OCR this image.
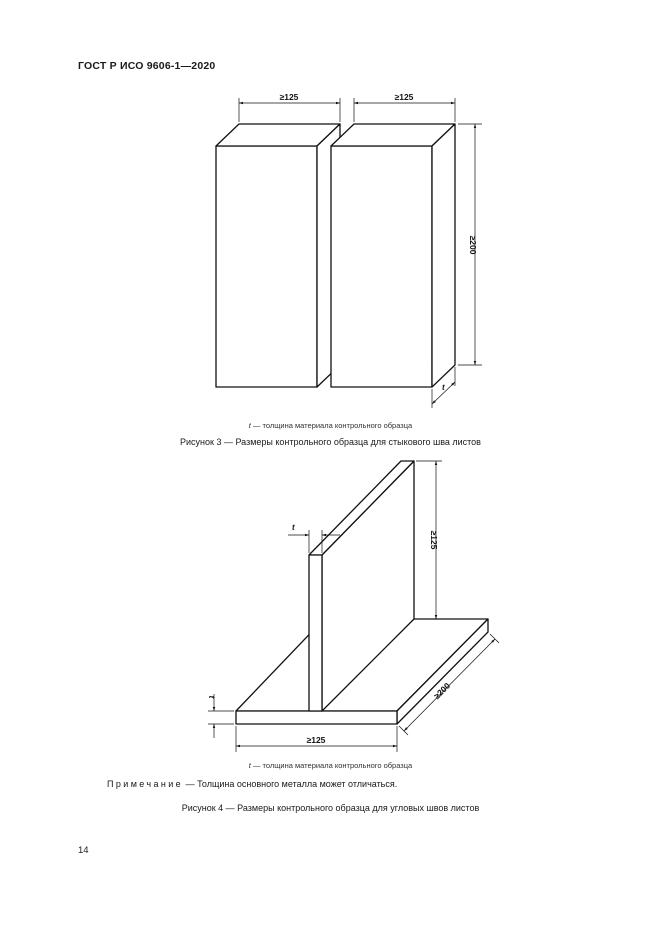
ГОСТ Р ИСО 9606-1—2020
≥125	≥125
≥200
t
t — толщина материала контрольного образца
Рисунок 3 — Размеры контрольного образца для стыкового шва листов
≥125
t
t
≥125
≥200
t — толщина материала контрольного образца
Примечание — Толщина основного металла может отличаться.
Рисунок 4 — Размеры контрольного образца для угловых швов листов
14
